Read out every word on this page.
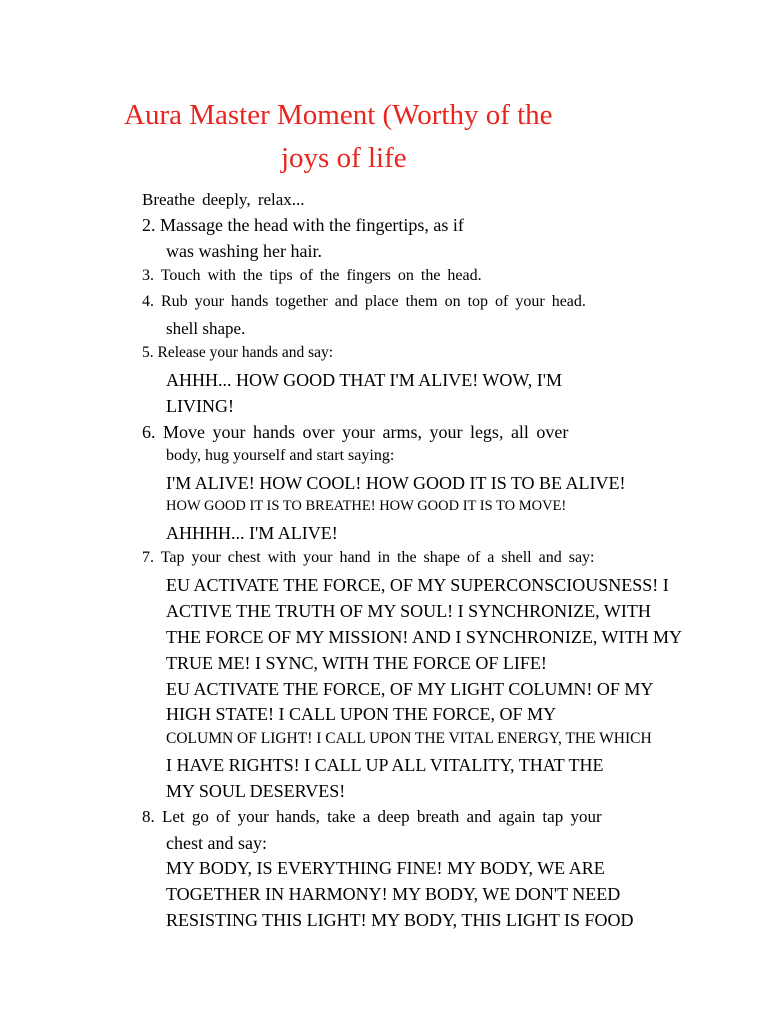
Aura Master Moment (Worthy of the
joys of life

Breathe deeply, relax...

2. Massage the head with the fingertips, as if

was washing her hair.

3. Touch with the tips of the fingers on the head.

4. Rub your hands together and place them on top of your head.

shell shape.

5. Release your hands and say:

AHHH... HOW GOOD THAT I'M ALIVE! WOW, I'M

LIVING!

6. Move your hands over your arms, your legs, all over

body, hug yourself and start saying:

I'M ALIVE! HOW COOL! HOW GOOD IT IS TO BE ALIVE!

HOW GOOD IT IS TO BREATHE! HOW GOOD IT IS TO MOVE!

AHHHH... I'M ALIVE!

7. Tap your chest with your hand in the shape of a shell and say:

EU ACTIVATE THE FORCE, OF MY SUPERCONSCIOUSNESS! I

ACTIVE THE TRUTH OF MY SOUL! I SYNCHRONIZE, WITH

THE FORCE OF MY MISSION! AND I SYNCHRONIZE, WITH MY

TRUE ME! I SYNC, WITH THE FORCE OF LIFE!

EU ACTIVATE THE FORCE, OF MY LIGHT COLUMN! OF MY

HIGH STATE! I CALL UPON THE FORCE, OF MY

COLUMN OF LIGHT! I CALL UPON THE VITAL ENERGY, THE WHICH

I HAVE RIGHTS! I CALL UP ALL VITALITY, THAT THE

MY SOUL DESERVES!

8. Let go of your hands, take a deep breath and again tap your

chest and say:

MY BODY, IS EVERYTHING FINE! MY BODY, WE ARE

TOGETHER IN HARMONY! MY BODY, WE DON'T NEED

RESISTING THIS LIGHT! MY BODY, THIS LIGHT IS FOOD
